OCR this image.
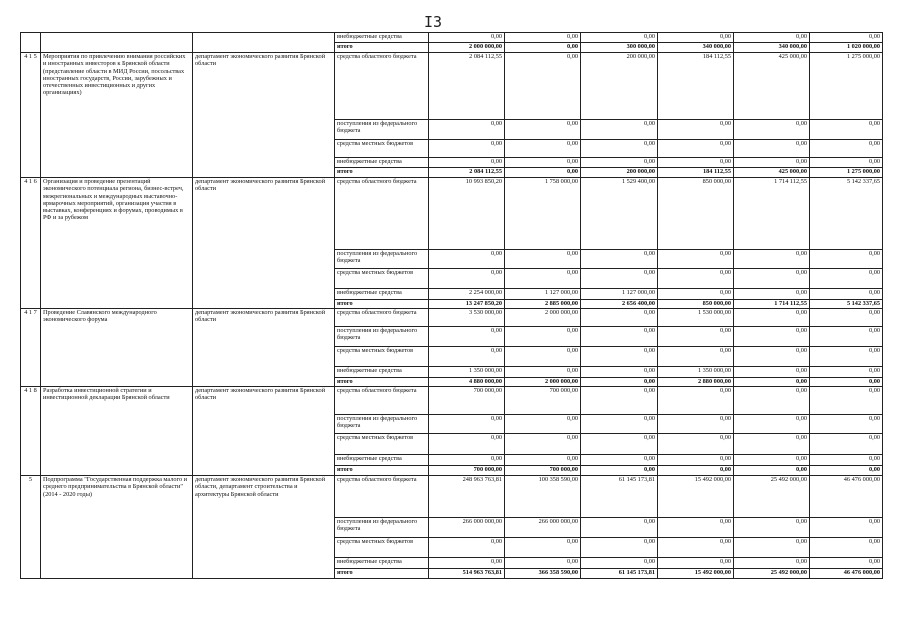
I3
			внебюджетные средства	0,00	0,00	0,00	0,00	0,00	0,00
			итого	2 000 000,00	0,00	300 000,00	340 000,00	340 000,00	1 020 000,00
4 1 5	Мероприятия по привлечению внимания российских и иностранных инвесторов к Брянской области (представление области в МИД России, посольствах иностранных государств, России, зарубежных и отечественных инвестиционных и других организациях)	департамент экономического развития Брянской области	средства областного бюджета	2 084 112,55	0,00	200 000,00	184 112,55	425 000,00	1 275 000,00
			поступления из федерального бюджета	0,00	0,00	0,00	0,00	0,00	0,00
			средства местных бюджетов	0,00	0,00	0,00	0,00	0,00	0,00
			внебюджетные средства	0,00	0,00	0,00	0,00	0,00	0,00
			итого	2 084 112,55	0,00	200 000,00	184 112,55	425 000,00	1 275 000,00
4 1 6	Организация и проведение презентаций экономического потенциала региона, бизнес-встреч, межрегиональных и международных выставочно-ярмарочных мероприятий, организация участия в выставках, конференциях и форумах, проводимых в РФ и за рубежом	департамент экономического развития Брянской области	средства областного бюджета	10 993 850,20	1 758 000,00	1 529 400,00	850 000,00	1 714 112,55	5 142 337,65
			поступления из федерального бюджета	0,00	0,00	0,00	0,00	0,00	0,00
			средства местных бюджетов	0,00	0,00	0,00	0,00	0,00	0,00
			внебюджетные средства	2 254 000,00	1 127 000,00	1 127 000,00	0,00	0,00	0,00
			итого	13 247 850,20	2 885 000,00	2 656 400,00	850 000,00	1 714 112,55	5 142 337,65
4 1 7	Проведение Славянского международного экономического форума	департамент экономического развития Брянской области	средства областного бюджета	3 530 000,00	2 000 000,00	0,00	1 530 000,00	0,00	0,00
			поступления из федерального бюджета	0,00	0,00	0,00	0,00	0,00	0,00
			средства местных бюджетов	0,00	0,00	0,00	0,00	0,00	0,00
			внебюджетные средства	1 350 000,00	0,00	0,00	1 350 000,00	0,00	0,00
			итого	4 880 000,00	2 000 000,00	0,00	2 880 000,00	0,00	0,00
4 1 8	Разработка инвестиционной стратегии и инвестиционной декларации Брянской области	департамент экономического развития Брянской области	средства областного бюджета	700 000,00	700 000,00	0,00	0,00	0,00	0,00
			поступления из федерального бюджета	0,00	0,00	0,00	0,00	0,00	0,00
			средства местных бюджетов	0,00	0,00	0,00	0,00	0,00	0,00
			внебюджетные средства	0,00	0,00	0,00	0,00	0,00	0,00
			итого	700 000,00	700 000,00	0,00	0,00	0,00	0,00
5	Подпрограмма "Государственная поддержка малого и среднего предпринимательства в Брянской области" (2014 - 2020 годы)	департамент экономического развития Брянской области, департамент строительства и архитектуры Брянской области	средства областного бюджета	248 963 763,81	100 358 590,00	61 145 173,81	15 492 000,00	25 492 000,00	46 476 000,00
			поступления из федерального бюджета	266 000 000,00	266 000 000,00	0,00	0,00	0,00	0,00
			средства местных бюджетов	0,00	0,00	0,00	0,00	0,00	0,00
			внебюджетные средства	0,00	0,00	0,00	0,00	0,00	0,00
			итого	514 963 763,81	366 358 590,00	61 145 173,81	15 492 000,00	25 492 000,00	46 476 000,00
